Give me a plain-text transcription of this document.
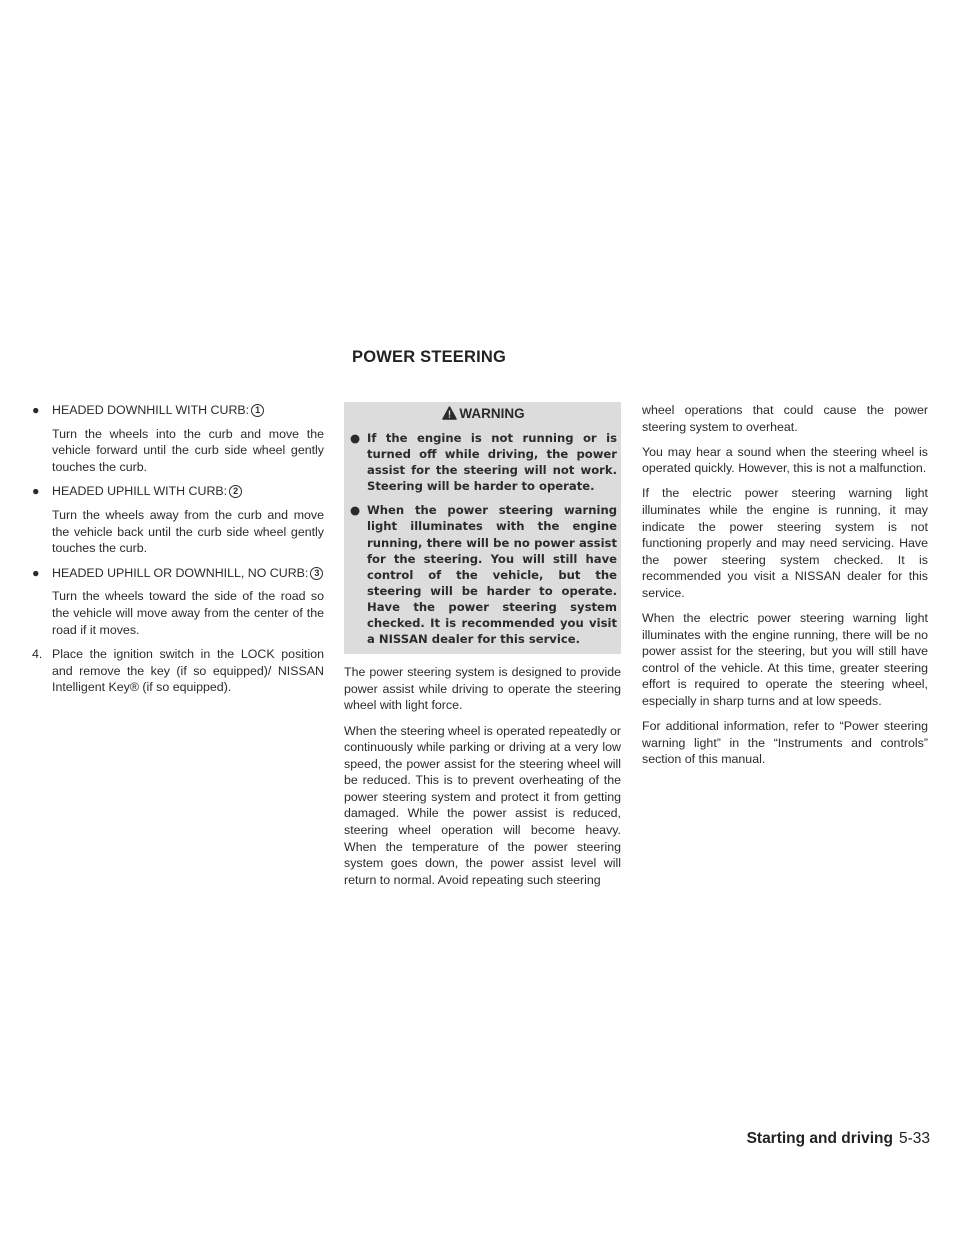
POWER STEERING
● HEADED DOWNHILL WITH CURB: 1

Turn the wheels into the curb and move the vehicle forward until the curb side wheel gently touches the curb.

● HEADED UPHILL WITH CURB: 2

Turn the wheels away from the curb and move the vehicle back until the curb side wheel gently touches the curb.

● HEADED UPHILL OR DOWNHILL, NO CURB: 3

Turn the wheels toward the side of the road so the vehicle will move away from the center of the road if it moves.

4. Place the ignition switch in the LOCK position and remove the key (if so equipped)/ NISSAN Intelligent Key® (if so equipped).
WARNING
● If the engine is not running or is turned off while driving, the power assist for the steering will not work. Steering will be harder to operate.
● When the power steering warning light illuminates with the engine running, there will be no power assist for the steering. You will still have control of the vehicle, but the steering will be harder to operate. Have the power steering system checked. It is recommended you visit a NISSAN dealer for this service.

The power steering system is designed to provide power assist while driving to operate the steering wheel with light force.

When the steering wheel is operated repeatedly or continuously while parking or driving at a very low speed, the power assist for the steering wheel will be reduced. This is to prevent overheating of the power steering system and protect it from getting damaged. While the power assist is reduced, steering wheel operation will become heavy. When the temperature of the power steering system goes down, the power assist level will return to normal. Avoid repeating such steering

wheel operations that could cause the power steering system to overheat.

You may hear a sound when the steering wheel is operated quickly. However, this is not a malfunction.

If the electric power steering warning light illuminates while the engine is running, it may indicate the power steering system is not functioning properly and may need servicing. Have the power steering system checked. It is recommended you visit a NISSAN dealer for this service.

When the electric power steering warning light illuminates with the engine running, there will be no power assist for the steering, but you will still have control of the vehicle. At this time, greater steering effort is required to operate the steering wheel, especially in sharp turns and at low speeds.

For additional information, refer to “Power steering warning light” in the “Instruments and controls” section of this manual.

Starting and driving 5-33
